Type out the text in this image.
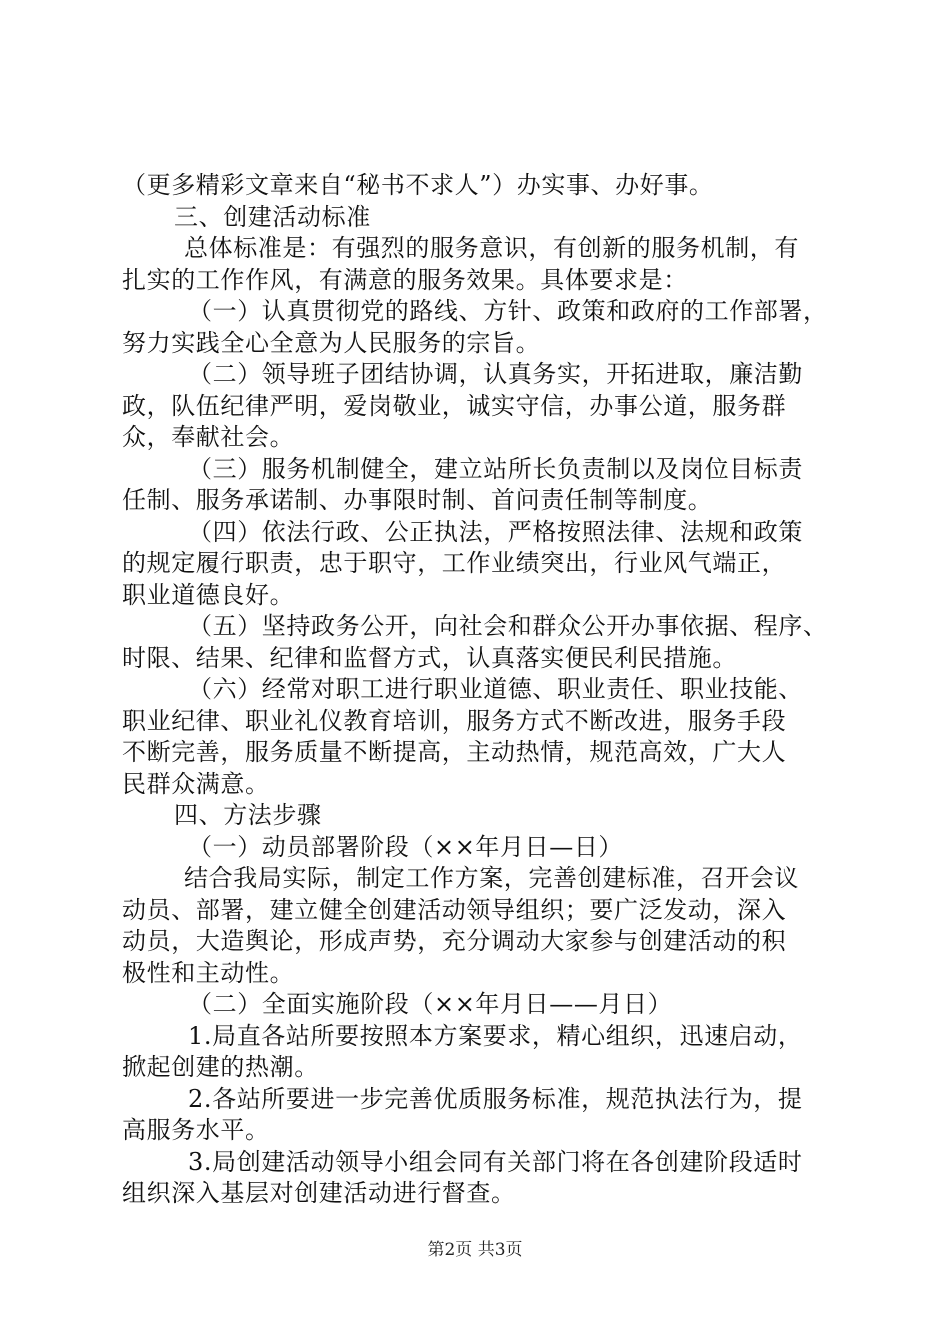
（更多精彩文章来自“秘书不求人”）办实事、办好事。
三、创建活动标准
总体标准是：有强烈的服务意识，有创新的服务机制，有
扎实的工作作风，有满意的服务效果。具体要求是：
（一）认真贯彻党的路线、方针、政策和政府的工作部署，
努力实践全心全意为人民服务的宗旨。
（二）领导班子团结协调，认真务实，开拓进取，廉洁勤
政，队伍纪律严明，爱岗敬业，诚实守信，办事公道，服务群
众，奉献社会。
（三）服务机制健全，建立站所长负责制以及岗位目标责
任制、服务承诺制、办事限时制、首问责任制等制度。
（四）依法行政、公正执法，严格按照法律、法规和政策
的规定履行职责，忠于职守，工作业绩突出，行业风气端正，
职业道德良好。
（五）坚持政务公开，向社会和群众公开办事依据、程序、
时限、结果、纪律和监督方式，认真落实便民利民措施。
（六）经常对职工进行职业道德、职业责任、职业技能、
职业纪律、职业礼仪教育培训，服务方式不断改进，服务手段
不断完善，服务质量不断提高，主动热情，规范高效，广大人
民群众满意。
四、方法步骤
（一）动员部署阶段（××年月日—日）
结合我局实际，制定工作方案，完善创建标准，召开会议
动员、部署，建立健全创建活动领导组织；要广泛发动，深入
动员，大造舆论，形成声势，充分调动大家参与创建活动的积
极性和主动性。
（二）全面实施阶段（××年月日——月日）
1.局直各站所要按照本方案要求，精心组织，迅速启动，
掀起创建的热潮。
2.各站所要进一步完善优质服务标准，规范执法行为，提
高服务水平。
3.局创建活动领导小组会同有关部门将在各创建阶段适时
组织深入基层对创建活动进行督查。
第2页 共3页
